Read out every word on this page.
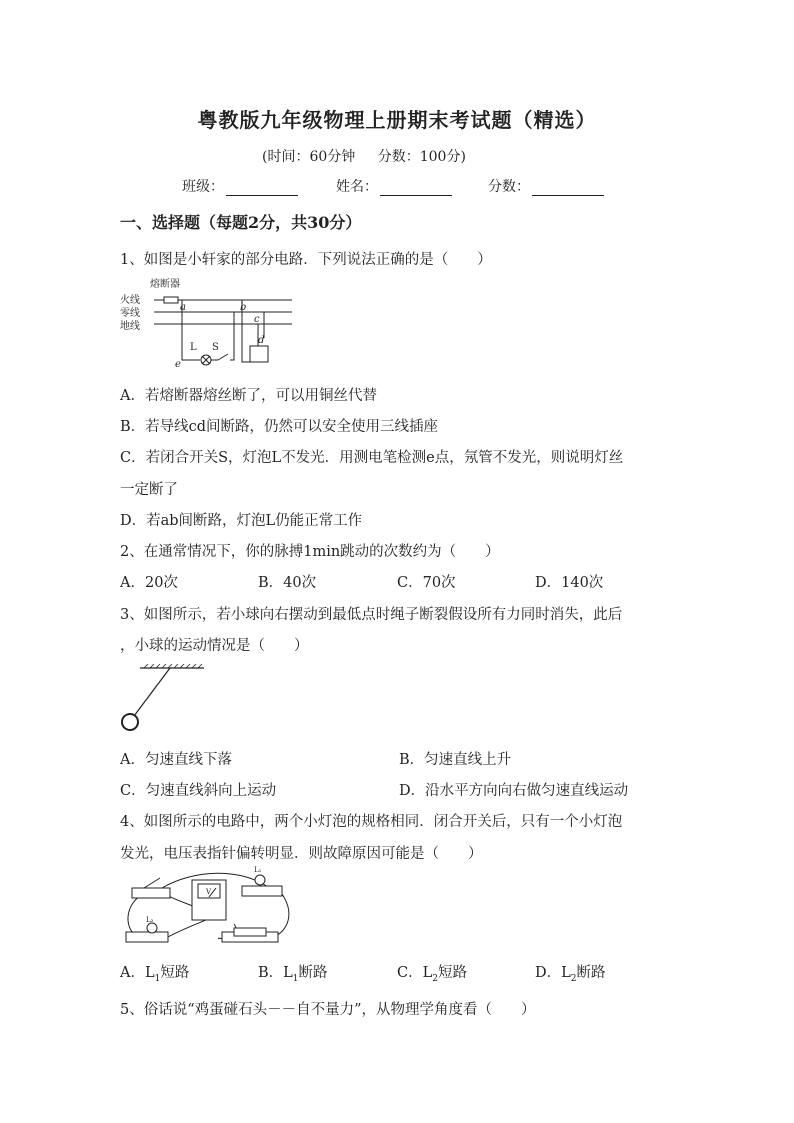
粤教版九年级物理上册期末考试题（精选）
(时间：60分钟 分数：100分)
班级：	姓名：	分数：
一、选择题（每题2分，共30分）
1、如图是小轩家的部分电路．下列说法正确的是（　　）
熔断器
火线
零线
地线
a	b
c
d
e
L S
A．若熔断器熔丝断了，可以用铜丝代替
B．若导线cd间断路，仍然可以安全使用三线插座
C．若闭合开关S，灯泡L不发光．用测电笔检测e点，氖管不发光，则说明灯丝
一定断了
D．若ab间断路，灯泡L仍能正常工作
2、在通常情况下，你的脉搏1min跳动的次数约为（　　）
A．20次	B．40次	C．70次	D．140次
3、如图所示，若小球向右摆动到最低点时绳子断裂假设所有力同时消失，此后
，小球的运动情况是（　　）
A．匀速直线下落	B．匀速直线上升
C．匀速直线斜向上运动	D．沿水平方向向右做匀速直线运动
4、如图所示的电路中，两个小灯泡的规格相同．闭合开关后，只有一个小灯泡
发光，电压表指针偏转明显．则故障原因可能是（　　）
V
L₁
L₂
A．$L_1$短路	B．$L_1$断路	C．$L_2$短路	D．$L_2$断路
5、俗话说“鸡蛋碰石头－－自不量力”，从物理学角度看（　　）
